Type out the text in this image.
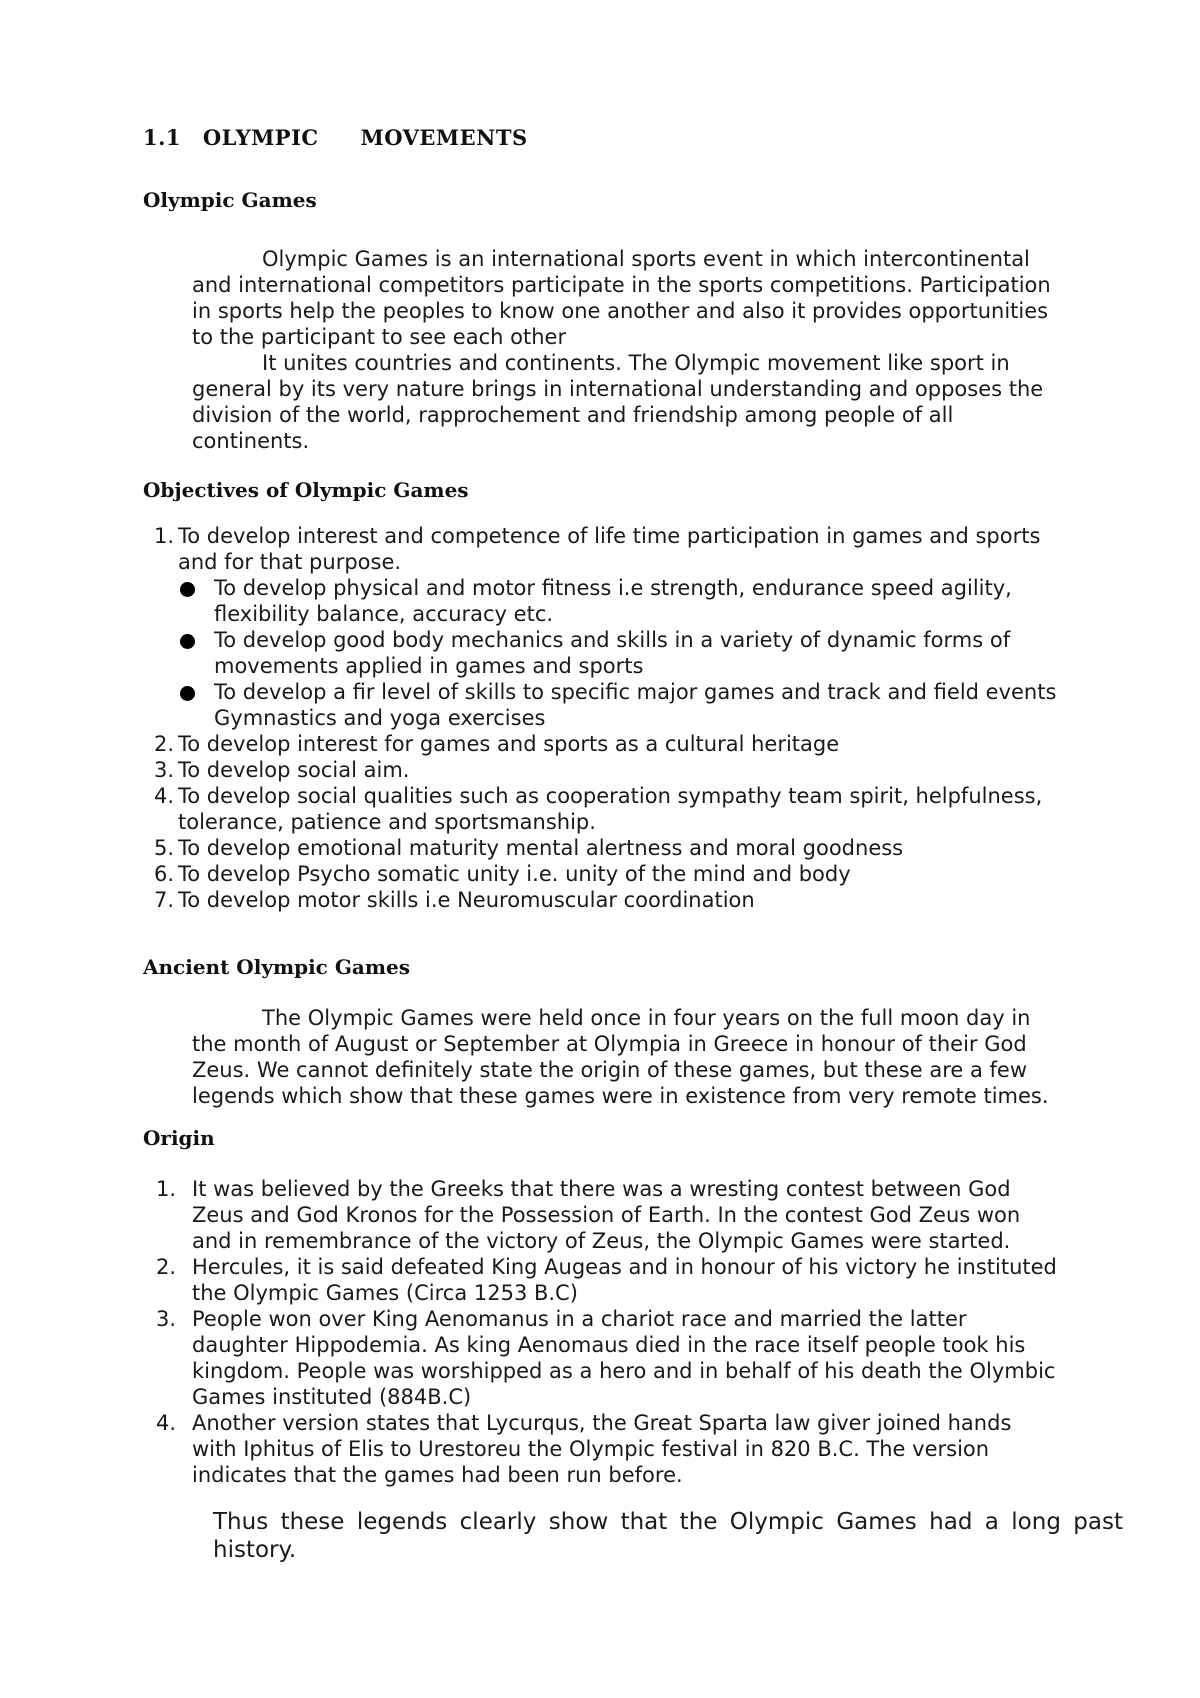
1.1 OLYMPIC MOVEMENTS
Olympic Games
Olympic Games is an international sports event in which intercontinental
and international competitors participate in the sports competitions. Participation
in sports help the peoples to know one another and also it provides opportunities
to the participant to see each other
It unites countries and continents. The Olympic movement like sport in
general by its very nature brings in international understanding and opposes the
division of the world, rapprochement and friendship among people of all
continents.
Objectives of Olympic Games
1. To develop interest and competence of life time participation in games and sports
and for that purpose.
To develop physical and motor fitness i.e strength, endurance speed agility,
flexibility balance, accuracy etc.
To develop good body mechanics and skills in a variety of dynamic forms of
movements applied in games and sports
To develop a fir level of skills to specific major games and track and field events
Gymnastics and yoga exercises
2. To develop interest for games and sports as a cultural heritage
3. To develop social aim.
4. To develop social qualities such as cooperation sympathy team spirit, helpfulness,
tolerance, patience and sportsmanship.
5. To develop emotional maturity mental alertness and moral goodness
6. To develop Psycho somatic unity i.e. unity of the mind and body
7. To develop motor skills i.e Neuromuscular coordination
Ancient Olympic Games
The Olympic Games were held once in four years on the full moon day in
the month of August or September at Olympia in Greece in honour of their God
Zeus. We cannot definitely state the origin of these games, but these are a few
legends which show that these games were in existence from very remote times.
Origin
1. It was believed by the Greeks that there was a wresting contest between God
Zeus and God Kronos for the Possession of Earth. In the contest God Zeus won
and in remembrance of the victory of Zeus, the Olympic Games were started.
2. Hercules, it is said defeated King Augeas and in honour of his victory he instituted
the Olympic Games (Circa 1253 B.C)
3. People won over King Aenomanus in a chariot race and married the latter
daughter Hippodemia. As king Aenomaus died in the race itself people took his
kingdom. People was worshipped as a hero and in behalf of his death the Olymbic
Games instituted (884B.C)
4. Another version states that Lycurqus, the Great Sparta law giver joined hands
with Iphitus of Elis to Urestoreu the Olympic festival in 820 B.C. The version
indicates that the games had been run before.

Thus these legends clearly show that the Olympic Games had a long past history.
